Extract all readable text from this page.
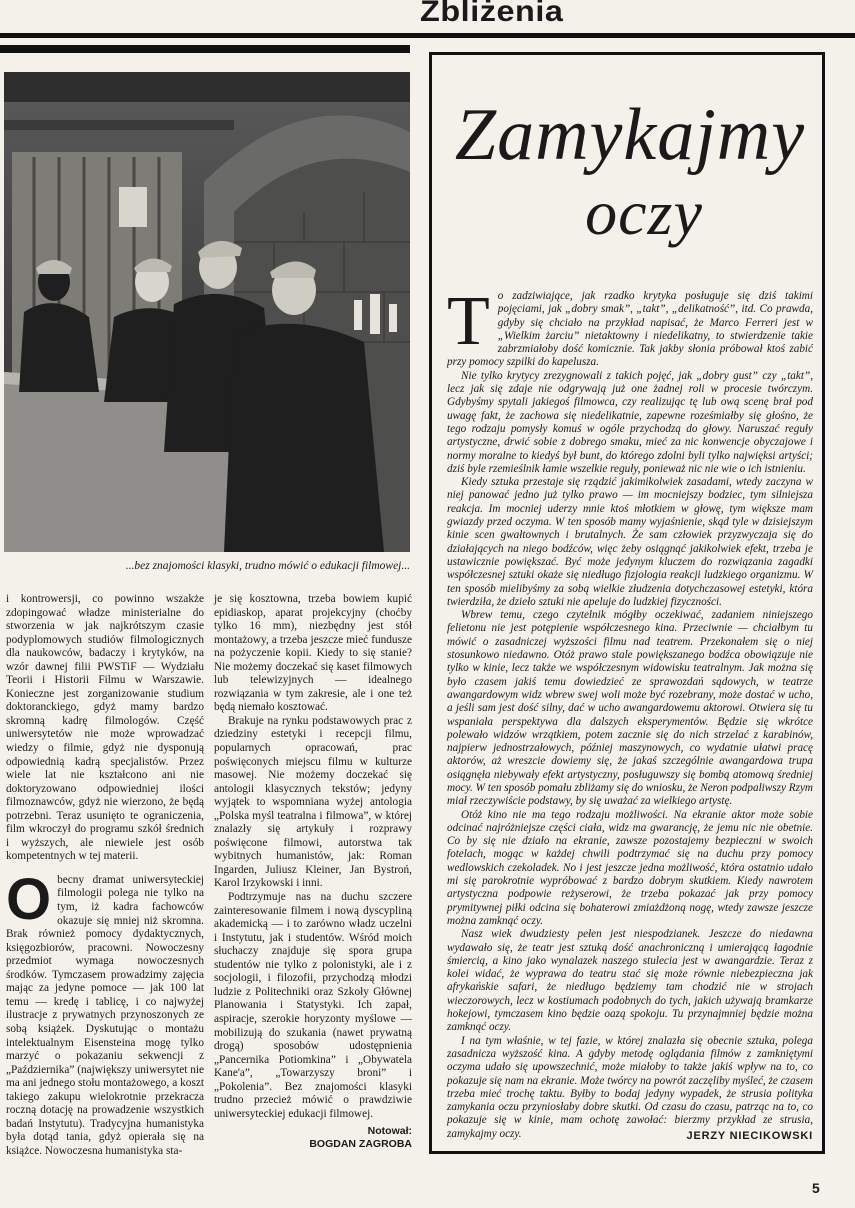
Zbliżenia
...bez znajomości klasyki, trudno mówić o edukacji filmowej...

i kontrowersji, co powinno wszakże zdopingować władze ministerialne do stworzenia w jak najkrótszym czasie podyplomowych studiów filmologicznych dla naukowców, badaczy i krytyków, na wzór dawnej filii PWSTiF — Wydziału Teorii i Historii Filmu w Warszawie. Konieczne jest zorganizowanie studium doktoranckiego, gdyż mamy bardzo skromną kadrę filmologów. Część uniwersytetów nie może wprowadzać wiedzy o filmie, gdyż nie dysponują odpowiednią kadrą specjalistów. Przez wiele lat nie kształcono ani nie doktoryzowano odpowiedniej ilości filmoznawców, gdyż nie wierzono, że będą potrzebni. Teraz usunięto te ograniczenia, film wkroczył do programu szkół średnich i wyższych, ale niewiele jest osób kompetentnych w tej materii.

Obecny dramat uniwersyteckiej filmologii polega nie tylko na tym, iż kadra fachowców okazuje się mniej niż skromna. Brak również pomocy dydaktycznych, księgozbiorów, pracowni. Nowoczesny przedmiot wymaga nowoczesnych środków. Tymczasem prowadzimy zajęcia mając za jedyne pomoce — jak 100 lat temu — kredę i tablicę, i co najwyżej ilustracje z prywatnych przynoszonych ze sobą książek. Dyskutując o montażu intelektualnym Eisensteina mogę tylko marzyć o pokazaniu sekwencji z „Października” (największy uniwersytet nie ma ani jednego stołu montażowego, a koszt takiego zakupu wielokrotnie przekracza roczną dotację na prowadzenie wszystkich badań Instytutu). Tradycyjna humanistyka była dotąd tania, gdyż opierała się na książce. Nowoczesna humanistyka sta-

je się kosztowna, trzeba bowiem kupić epidiaskop, aparat projekcyjny (choćby tylko 16 mm), niezbędny jest stół montażowy, a trzeba jeszcze mieć fundusze na pożyczenie kopii. Kiedy to się stanie? Nie możemy doczekać się kaset filmowych lub telewizyjnych — idealnego rozwiązania w tym zakresie, ale i one też będą niemało kosztować.

Brakuje na rynku podstawowych prac z dziedziny estetyki i recepcji filmu, popularnych opracowań, prac poświęconych miejscu filmu w kulturze masowej. Nie możemy doczekać się antologii klasycznych tekstów; jedyny wyjątek to wspomniana wyżej antologia „Polska myśl teatralna i filmowa”, w której znalazły się artykuły i rozprawy poświęcone filmowi, autorstwa tak wybitnych humanistów, jak: Roman Ingarden, Juliusz Kleiner, Jan Bystroń, Karol Irzykowski i inni.

Podtrzymuje nas na duchu szczere zainteresowanie filmem i nową dyscypliną akademicką — i to zarówno władz uczelni i Instytutu, jak i studentów. Wśród moich słuchaczy znajduje się spora grupa studentów nie tylko z polonistyki, ale i z socjologii, i filozofii, przychodzą młodzi ludzie z Politechniki oraz Szkoły Głównej Planowania i Statystyki. Ich zapał, aspiracje, szerokie horyzonty myślowe — mobilizują do szukania (nawet prywatną drogą) sposobów udostępnienia „Pancernika Potiomkina” i „Obywatela Kane'a”, „Towarzyszy broni” i „Pokolenia”. Bez znajomości klasyki trudno przecież mówić o prawdziwie uniwersyteckiej edukacji filmowej.

Notował:
BOGDAN ZAGROBA
Zamykajmy
oczy

To zadziwiające, jak rzadko krytyka posługuje się dziś takimi pojęciami, jak „dobry smak”, „takt”, „delikatność”, itd. Co prawda, gdyby się chciało na przykład napisać, że Marco Ferreri jest w „Wielkim żarciu” nietaktowny i niedelikatny, to stwierdzenie takie zabrzmiałoby dość komicznie. Tak jakby słonia próbował ktoś zabić przy pomocy szpilki do kapelusza.

Nie tylko krytycy zrezygnowali z takich pojęć, jak „dobry gust” czy „takt”, lecz jak się zdaje nie odgrywają już one żadnej roli w procesie twórczym. Gdybyśmy spytali jakiegoś filmowca, czy realizując tę lub ową scenę brał pod uwagę fakt, że zachowa się niedelikatnie, zapewne roześmiałby się głośno, że tego rodzaju pomysły komuś w ogóle przychodzą do głowy. Naruszać reguły artystyczne, drwić sobie z dobrego smaku, mieć za nic konwencje obyczajowe i normy moralne to kiedyś był bunt, do którego zdolni byli tylko najwięksi artyści; dziś byle rzemieślnik łamie wszelkie reguły, ponieważ nic nie wie o ich istnieniu.

Kiedy sztuka przestaje się rządzić jakimikolwiek zasadami, wtedy zaczyna w niej panować jedno już tylko prawo — im mocniejszy bodziec, tym silniejsza reakcja. Im mocniej uderzy mnie ktoś młotkiem w głowę, tym większe mam gwiazdy przed oczyma. W ten sposób mamy wyjaśnienie, skąd tyle w dzisiejszym kinie scen gwałtownych i brutalnych. Że sam człowiek przyzwyczaja się do działających na niego bodźców, więc żeby osiągnąć jakikolwiek efekt, trzeba je ustawicznie powiększać. Być może jedynym kluczem do rozwiązania zagadki współczesnej sztuki okaże się niedługo fizjologia reakcji ludzkiego organizmu. W ten sposób mielibyśmy za sobą wielkie złudzenia dotychczasowej estetyki, która twierdziła, że dzieło sztuki nie apeluje do ludzkiej fizyczności.

Wbrew temu, czego czytelnik mógłby oczekiwać, zadaniem niniejszego felietonu nie jest potępienie współczesnego kina. Przeciwnie — chciałbym tu mówić o zasadniczej wyższości filmu nad teatrem. Przekonałem się o niej stosunkowo niedawno. Otóż prawo stale powiększanego bodźca obowiązuje nie tylko w kinie, lecz także we współczesnym widowisku teatralnym. Jak można się było czasem jakiś temu dowiedzieć ze sprawozdań sądowych, w teatrze awangardowym widz wbrew swej woli może być rozebrany, może dostać w ucho, a jeśli sam jest dość silny, dać w ucho awangardowemu aktorowi. Otwiera się tu wspaniała perspektywa dla dalszych eksperymentów. Będzie się wkrótce polewało widzów wrzątkiem, potem zacznie się do nich strzelać z karabinów, najpierw jednostrzałowych, później maszynowych, co wydatnie ułatwi pracę aktorów, aż wreszcie dowiemy się, że jakaś szczególnie awangardowa trupa osiągnęła niebywały efekt artystyczny, posługuwszy się bombą atomową średniej mocy. W ten sposób pomału zbliżamy się do wniosku, że Neron podpaliwszy Rzym miał rzeczywiście podstawy, by się uważać za wielkiego artystę.

Otóż kino nie ma tego rodzaju możliwości. Na ekranie aktor może sobie odcinać najróżniejsze części ciała, widz ma gwarancję, że jemu nic nie obetnie. Co by się nie działo na ekranie, zawsze pozostajemy bezpieczni w swoich fotelach, mogąc w każdej chwili podtrzymać się na duchu przy pomocy wedlowskich czekoladek. No i jest jeszcze jedna możliwość, która ostatnio udało mi się parokrotnie wypróbować z bardzo dobrym skutkiem. Kiedy nawrotem artystyczna podpowie reżyserowi, że trzeba pokazać jak przy pomocy prymitywnej piłki odcina się bohaterowi zmiażdżoną nogę, wtedy zawsze jeszcze można zamknąć oczy.

Nasz wiek dwudziesty pełen jest niespodzianek. Jeszcze do niedawna wydawało się, że teatr jest sztuką dość anachroniczną i umierającą łagodnie śmiercią, a kino jako wynalazek naszego stulecia jest w awangardzie. Teraz z kolei widać, że wyprawa do teatru stać się może równie niebezpieczna jak afrykańskie safari, że niedługo będziemy tam chodzić nie w strojach wieczorowych, lecz w kostiumach podobnych do tych, jakich używają bramkarze hokejowi, tymczasem kino będzie oazą spokoju. Tu przynajmniej będzie można zamknąć oczy.

I na tym właśnie, w tej fazie, w której znalazła się obecnie sztuka, polega zasadnicza wyższość kina. A gdyby metodę oglądania filmów z zamkniętymi oczyma udało się upowszechnić, może miałoby to także jakiś wpływ na to, co pokazuje się nam na ekranie. Może twórcy na powrót zaczęliby myśleć, że czasem trzeba mieć trochę taktu. Byłby to bodaj jedyny wypadek, że strusia polityka zamykania oczu przyniosłaby dobre skutki. Od czasu do czasu, patrząc na to, co pokazuje się w kinie, mam ochotę zawołać: bierzmy przykład ze strusia, zamykajmy oczy.	JERZY NIECIKOWSKI
5
